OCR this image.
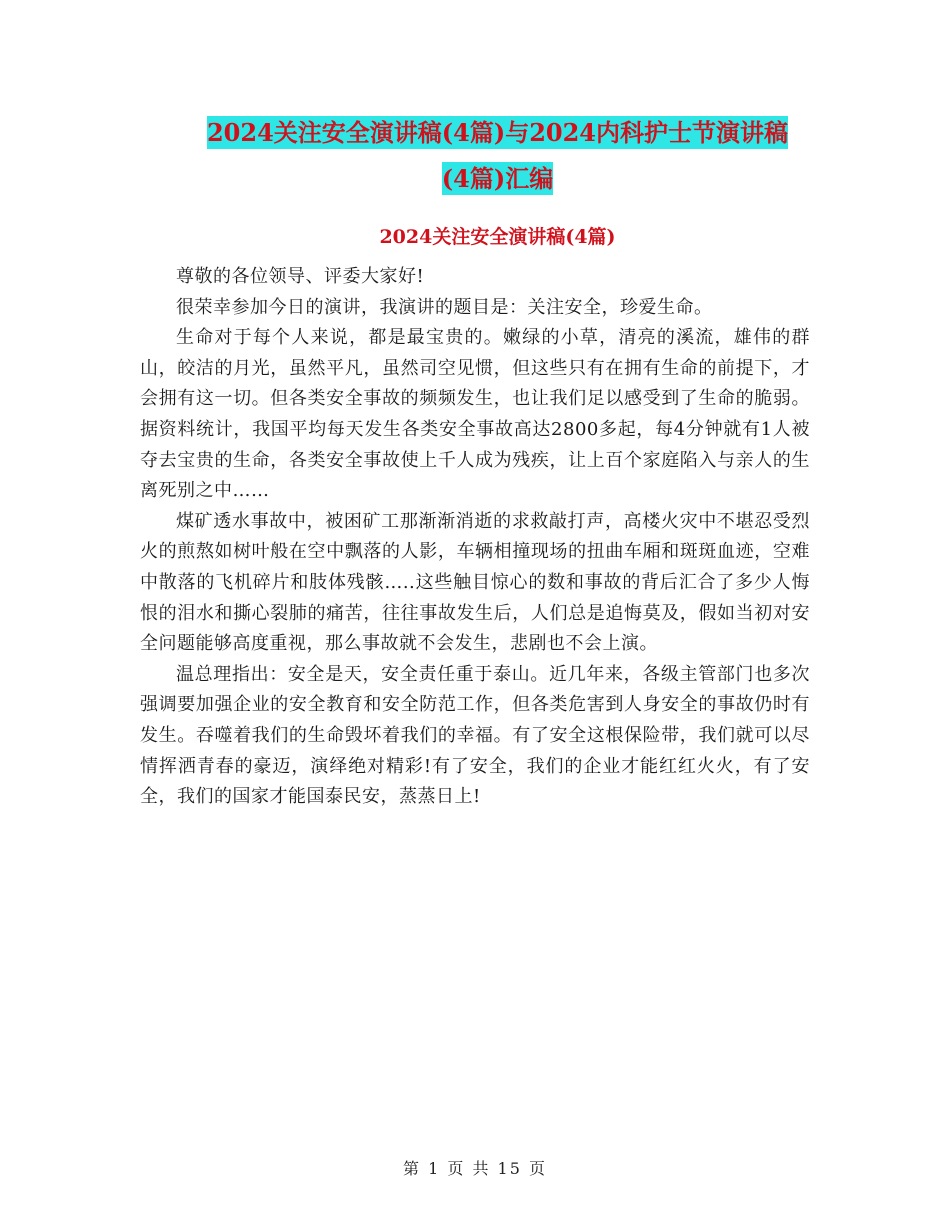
2024关注安全演讲稿(4篇)与2024内科护士节演讲稿
(4篇)汇编
2024关注安全演讲稿(4篇)

尊敬的各位领导、评委大家好!

很荣幸参加今日的演讲，我演讲的题目是：关注安全，珍爱生命。

生命对于每个人来说，都是最宝贵的。嫩绿的小草，清亮的溪流，雄伟的群山，皎洁的月光，虽然平凡，虽然司空见惯，但这些只有在拥有生命的前提下，才会拥有这一切。但各类安全事故的频频发生，也让我们足以感受到了生命的脆弱。据资料统计，我国平均每天发生各类安全事故高达2800多起，每4分钟就有1人被夺去宝贵的生命，各类安全事故使上千人成为残疾，让上百个家庭陷入与亲人的生离死别之中……

煤矿透水事故中，被困矿工那渐渐消逝的求救敲打声，高楼火灾中不堪忍受烈火的煎熬如树叶般在空中飘落的人影，车辆相撞现场的扭曲车厢和斑斑血迹，空难中散落的飞机碎片和肢体残骸…..这些触目惊心的数和事故的背后汇合了多少人悔恨的泪水和撕心裂肺的痛苦，往往事故发生后，人们总是追悔莫及，假如当初对安全问题能够高度重视，那么事故就不会发生，悲剧也不会上演。

温总理指出：安全是天，安全责任重于泰山。近几年来，各级主管部门也多次强调要加强企业的安全教育和安全防范工作，但各类危害到人身安全的事故仍时有发生。吞噬着我们的生命毁坏着我们的幸福。有了安全这根保险带，我们就可以尽情挥洒青春的豪迈，演绎绝对精彩!有了安全，我们的企业才能红红火火，有了安全，我们的国家才能国泰民安，蒸蒸日上!

第 1 页 共 15 页
